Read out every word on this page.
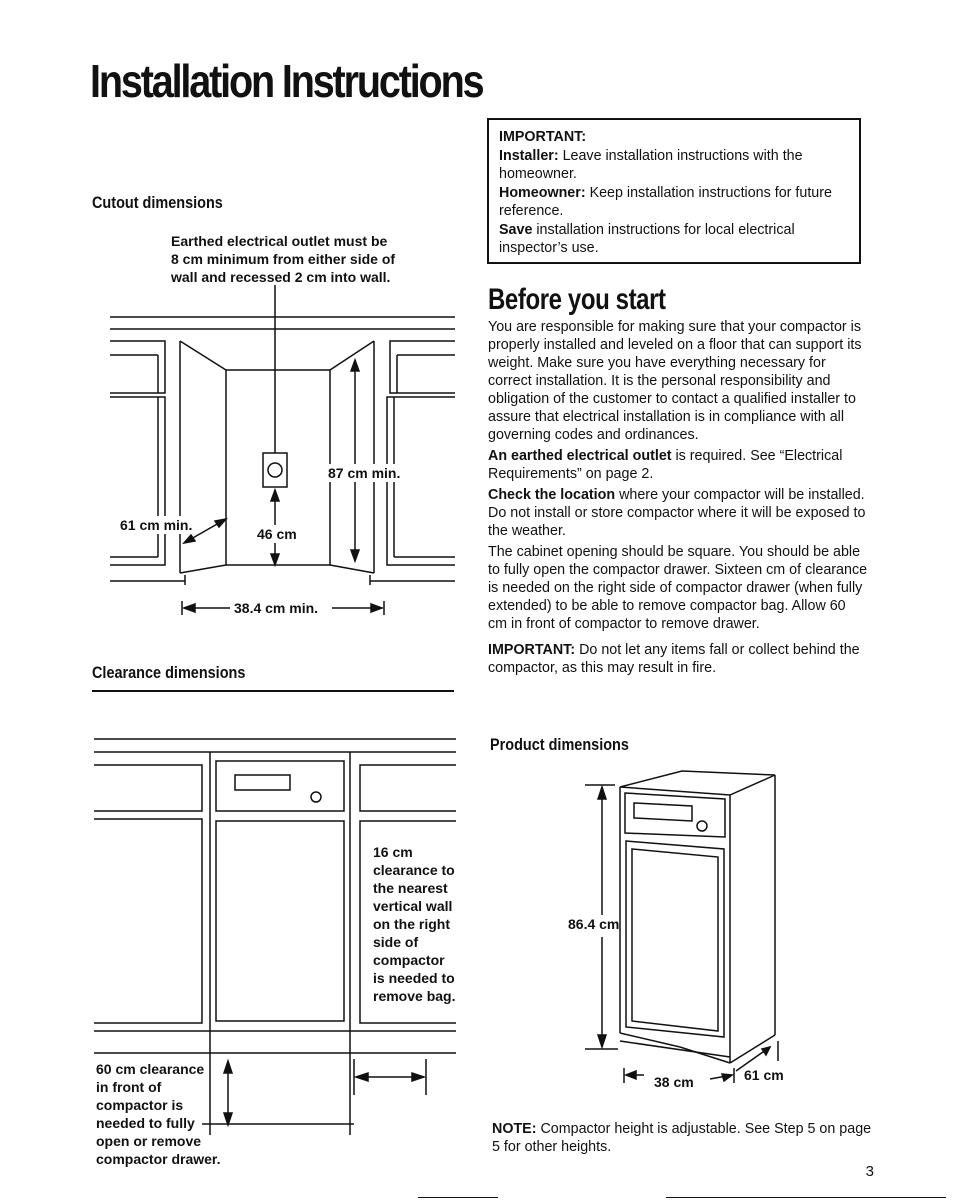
Installation Instructions
Cutout dimensions
Earthed electrical outlet must be
8 cm minimum from either side of
wall and recessed 2 cm into wall.
87 cm min.
61 cm min.
46 cm
38.4 cm min.
Clearance dimensions
16 cm
clearance to
the nearest
vertical wall
on the right
side of
compactor
is needed to
remove bag.
60 cm clearance
in front of
compactor is
needed to fully
open or remove
compactor drawer.

IMPORTANT:

Installer: Leave installation instructions with the homeowner.

Homeowner: Keep installation instructions for future reference.

Save installation instructions for local electrical inspector’s use.

Before you start

You are responsible for making sure that your compactor is properly installed and leveled on a floor that can support its weight. Make sure you have everything necessary for correct installation. It is the personal responsibility and obligation of the customer to contact a qualified installer to assure that electrical installation is in compliance with all governing codes and ordinances.

An earthed electrical outlet is required. See “Electrical Requirements” on page 2.

Check the location where your compactor will be installed. Do not install or store compactor where it will be exposed to the weather.

The cabinet opening should be square. You should be able to fully open the compactor drawer. Sixteen cm of clearance is needed on the right side of compactor drawer (when fully extended) to be able to remove compactor bag. Allow 60 cm in front of compactor to remove drawer.

IMPORTANT: Do not let any items fall or collect behind the compactor, as this may result in fire.

Product dimensions
86.4 cm
38 cm	61 cm
NOTE: Compactor height is adjustable. See Step 5 on page 5 for other heights.
3
